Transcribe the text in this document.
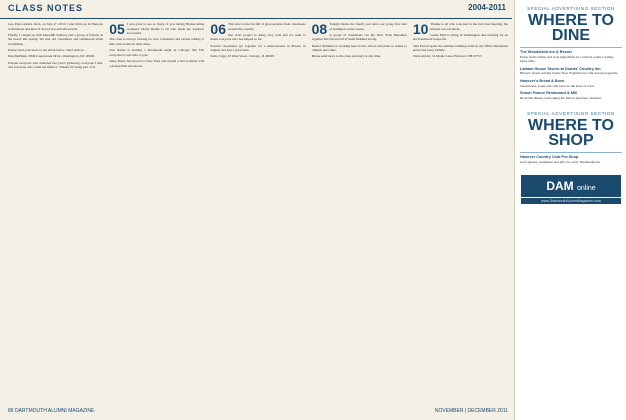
CLASS NOTES	2004-2011

tree, Petra Adams Jerza, on July 27, 2010. I met Petra up in Hanover at Reunions and kind of stayed in touch afterwards.

Finally, I caught up with Meredith Sanberg and a group of friends on the beach this spring. We met old classmates and reminisced about everything.

Please send your news to the email below. Send with us.

Dan Mellman, 3849 Laurelcreek Drive, Washington, DC 20000

Unique everyone who attended last year's gathering, everyone I met, and everyone who could not make it. Thanks for being part of it.

05 I was great to see so many of you during Homecoming weekend. Many thanks to all who made the weekend successful.

The class is always looking for new volunteers and people willing to help with events in their cities.

Jose Rabin is hosting a Dartmouth night in Chicago this fall; everyone is welcome to join.

Anne Russo has moved to New York and started a new position with a design firm downtown.

06 This note is late but full of great updates from classmates around the country.

Our class project is doing very well and we want to thank everyone who has helped so far.

Several classmates got together for a mini-reunion in Boston in August and had a great time.

Katie Cagg, 23 West Street, Chicago, IL 60605

08 Tonight marks the fourth year since our group first met as freshmen on the Green.

A group of classmates ran the New York Marathon together this fall and all of them finished strong.

Daniel Weinman is working hard in law school and plans to return to campus next June.

Please send news to the class secretary at any time.

10 Thanks to all who took part in the fall class meeting; the turnout was excellent.

Lizzie Hall is living in Washington and working for an environmental nonprofit.

Sam Farrell spent the summer building trails in the White Mountains and loved every minute.

Chris Abbott, 14 Maple Lane, Hanover, NH 03755

86 DARTMOUTH ALUMNI MAGAZINE	NOVEMBER | DECEMBER 2011
SPECIAL ADVERTISING SECTION
WHERE TO DINE
The Woodstock Inn & Resort
Enjoy fresh cuisine and local ingredients in a relaxed country setting. Open daily.
Latham House Tavern at Dowds' Country Inn
Historic tavern serving classic New England fare with seasonal specials.
Hanover's Bread & Brew
Sandwiches, soups and craft beers in the heart of town.
Simon Pearce Restaurant & Mill
Riverside dining overlooking the falls in Quechee, Vermont.
SPECIAL ADVERTISING SECTION
WHERE TO SHOP
Hanover Country Club Pro Shop
Golf apparel, equipment and gifts for every Dartmouth fan.
DAM online
www.DartmouthAlumniMagazine.com
